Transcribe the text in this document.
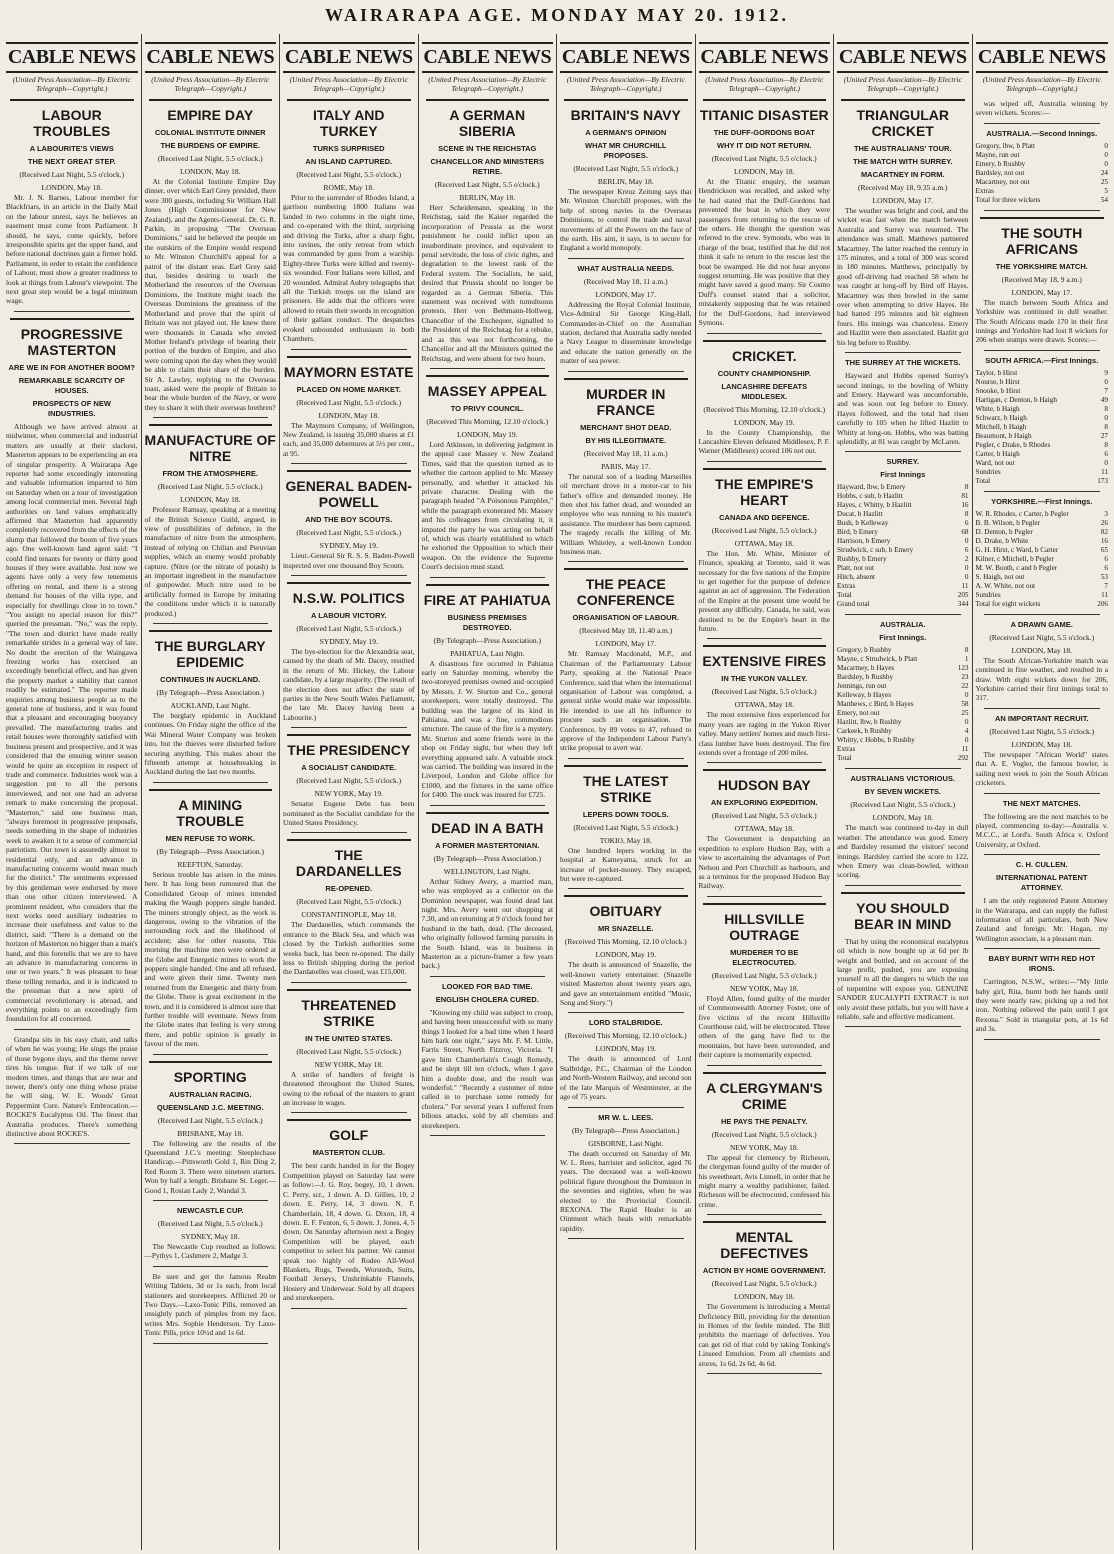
WAIRARAPA AGE. MONDAY MAY 20. 1912.
CABLE NEWS
(United Press Association—By Electric Telegraph—Copyright.)
LABOUR TROUBLES
A LABOURITE'S VIEWS
THE NEXT GREAT STEP.
(Received Last Night, 5.5 o'clock.)
LONDON, May 18.

Mr. J. N. Barnes, Labour member for Blackfriars, in an article in the Daily Mail on the labour unrest, says he believes an easement must come from Parliament. It should, he says, come quickly, before irresponsible spirits get the upper hand, and before national doctrines gain a firmer hold. Parliament, in order to retain the confidence of Labour, must show a greater readiness to look at things from Labour's viewpoint. The next great step would be a legal minimum wage.

PROGRESSIVE MASTERTON
ARE WE IN FOR ANOTHER BOOM?
REMARKABLE SCARCITY OF HOUSES.
PROSPECTS OF NEW INDUSTRIES.

Although we have arrived almost at midwinter, when commercial and industrial matters are usually at their slackest, Masterton appears to be experiencing an era of singular prosperity. A Wairarapa Age reporter had some exceedingly interesting and valuable information imparted to him on Saturday when on a tour of investigation among local commercial men. Several high authorities on land values emphatically affirmed that Masterton had apparently completely recovered from the effects of the slump that followed the boom of five years ago. One well-known land agent said: "I could find tenants for twenty or thirty good houses if they were available. Just now we agents have only a very few tenements offering on rental, and there is a strong demand for houses of the villa type, and especially for dwellings close in to town." "You assign no special reason for this?" queried the pressman. "No," was the reply. "The town and district have made really remarkable strides in a general way of late. No doubt the erection of the Waingawa freezing works has exercised an exceedingly beneficial effect, and has given the property market a stability that cannot readily be estimated." The reporter made enquiries among business people as to the general tone of business, and it was found that a pleasant and encouraging buoyancy prevailed. The manufacturing trades and retail houses were thoroughly satisfied with business present and prospective, and it was considered that the ensuing winter season would be quite an exception in respect of trade and commerce. Industries week was a suggestion put to all the persons interviewed, and not one had an adverse remark to make concerning the proposal. "Masterton," said one business man, "always foremost in progressive proposals, needs something in the shape of industries week to awaken it to a sense of commercial patriotism. Our town is assuredly almost to residential only, and an advance in manufacturing concerns would mean much for the district." The sentiments expressed by this gentleman were endorsed by more than one other citizen interviewed. A prominent resident, who considers that the next works need auxiliary industries to increase their usefulness and value to the district, said: "There is a demand on the horizon of Masterton no bigger than a man's hand, and this foretells that we are to have an advance in manufacturing concerns in one or two years." It was pleasant to hear these telling remarks, and it is indicated to the pressman that a new spirit of commercial revolutionary is abroad, and everything points to an exceedingly firm foundation for all concerned.

Grandpa sits in his easy chair, and talks of when he was young; He sings the praise of those bygone days, and the theme never tires his tongue. But if we talk of our modern times, and things that are near and newer, there's only one thing whose praise he will sing, W. E. Woods' Great Peppermint Cure. Nature's Embrocation.—ROCKE'S Eucalyptus Oil. The finest that Australia produces. There's something distinctive about ROCKE'S.

CABLE NEWS
(United Press Association—By Electric Telegraph—Copyright.)
EMPIRE DAY
COLONIAL INSTITUTE DINNER
THE BURDENS OF EMPIRE.
(Received Last Night, 5.5 o'clock.)
LONDON, May 18.

At the Colonial Institute Empire Day dinner, over which Earl Grey presided, there were 300 guests, including Sir William Hall Jones (High Commissioner for New Zealand), and the Agents-General. Dr. G. R. Parkin, in proposing "The Overseas Dominions," said he believed the people on the outskirts of the Empire would respond to Mr. Winston Churchill's appeal for a patrol of the distant seas. Earl Grey said that, besides desiring to teach the Motherland the resources of the Overseas Dominions, the Institute might teach the Overseas Dominions the greatness of the Motherland and prove that the spirit of Britain was not played out. He knew there were thousands in Canada who envied Mother Ireland's privilege of bearing their portion of the burden of Empire, and also were coming upon the day when they would be able to claim their share of the burden. Sir A. Lawley, replying to the Overseas toast, asked were the people of Britain to bear the whole burden of the Navy, or were they to share it with their overseas brethren?

MANUFACTURE OF NITRE
FROM THE ATMOSPHERE.
(Received Last Night, 5.5 o'clock.)
LONDON, May 18.

Professor Ramsay, speaking at a meeting of the British Science Guild, argued, in view of possibilities of defence, in the manufacture of nitre from the atmosphere, instead of relying on Chilian and Peruvian supplies, which an enemy would probably capture. (Nitre (or the nitrate of potash) is an important ingredient in the manufacture of gunpowder. Much nitre used to be artificially formed in Europe by imitating the conditions under which it is naturally produced.)

THE BURGLARY EPIDEMIC
CONTINUES IN AUCKLAND.
(By Telegraph—Press Association.)
AUCKLAND, Last Night.

The burglary epidemic in Auckland continues. On Friday night the office of the Wai Mineral Water Company was broken into, but the thieves were disturbed before securing anything. This makes about the fifteenth attempt at housebreaking in Auckland during the last two months.

A MINING TROUBLE
MEN REFUSE TO WORK.
(By Telegraph—Press Association.)
REEFTON, Saturday.

Serious trouble has arisen in the mines here. It has long been rumoured that the Consolidated Group of mines intended making the Waugh poppers single handed. The miners strongly object, as the work is dangerous, owing to the vibration of the surrounding rock and the likelihood of accident; also for other reasons. This morning the machine men were ordered at the Globe and Energetic mines to work the poppers single handed. One and all refused, and were given their time. Twenty men returned from the Energetic and thirty from the Globe. There is great excitement in the town, and it is considered is almost sure that further trouble will eventuate. News from the Globe states that feeling is very strong there, and public opinion is greatly in favour of the men.

SPORTING
AUSTRALIAN RACING.
QUEENSLAND J.C. MEETING.
(Received Last Night, 5.5 o'clock.)
BRISBANE, May 18.

The following are the results of the Queensland J.C.'s meeting: Steeplechase Handicap.—Pittsworth Gold 1, Rin Ding 2, Red Room 3. There were nineteen starters. Won by half a length. Brisbane St. Leger.—Good 1, Rosian Lady 2, Wandal 3.

NEWCASTLE CUP.
(Received Last Night, 5.5 o'clock.)
SYDNEY, May 18.

The Newcastle Cup resulted as follows:—Pythys 1, Cashmere 2, Madge 3.

Be sure and get the famous Realm Writing Tablets, 3d or 1s each, from local stationers and storekeepers. Afflicted 20 or Two Days.—Laxo-Tonic Pills, removed an unsightly patch of pimples from my face, writes Mrs. Sophie Henderson. Try Laxo-Tonic Pills, price 10½d and 1s 6d.

CABLE NEWS
(United Press Association—By Electric Telegraph—Copyright.)
ITALY AND TURKEY
TURKS SURPRISED
AN ISLAND CAPTURED.
(Received Last Night, 5.5 o'clock.)
ROME, May 18.

Prior to the surrender of Rhodes Island, a garrison numbering 1800 Italians was landed in two columns in the night time, and co-operated with the third, surprising and driving the Turks, after a sharp fight, into ravines, the only retreat from which was commanded by guns from a warship. Eighty-three Turks were killed and twenty-six wounded. Four Italians were killed, and 20 wounded. Admiral Aubry telegraphs that all the Turkish troops on the island are prisoners. He adds that the officers were allowed to retain their swords in recognition of their gallant conduct. The despatches evoked unbounded enthusiasm in both Chambers.

MAYMORN ESTATE
PLACED ON HOME MARKET.
(Received Last Night, 5.5 o'clock.)
LONDON, May 18.

The Maymorn Company, of Wellington, New Zealand, is issuing 35,000 shares at £1 each, and 35,000 debentures at 5½ per cent., at 95.

GENERAL BADEN-POWELL
AND THE BOY SCOUTS.
(Received Last Night, 5.5 o'clock.)
SYDNEY, May 19.

Lieut.-General Sir R. S. S. Baden-Powell inspected over one thousand Boy Scouts.

N.S.W. POLITICS
A LABOUR VICTORY.
(Received Last Night, 5.5 o'clock.)
SYDNEY, May 19.

The bye-election for the Alexandria seat, caused by the death of Mr. Dacey, resulted in the return of Mr. Hickey, the Labour candidate, by a large majority. (The result of the election does not affect the state of parties in the New South Wales Parliament, the late Mr. Dacey having been a Labourite.)

THE PRESIDENCY
A SOCIALIST CANDIDATE.
(Received Last Night, 5.5 o'clock.)
NEW YORK, May 19.

Senator Eugene Debs has been nominated as the Socialist candidate for the United States Presidency.

THE DARDANELLES
RE-OPENED.
(Received Last Night, 5.5 o'clock.)
CONSTANTINOPLE, May 18.

The Dardanelles, which commands the entrance to the Black Sea, and which was closed by the Turkish authorities some weeks back, has been re-opened. The daily loss to British shipping during the period the Dardanelles was closed, was £15,000.

THREATENED STRIKE
IN THE UNITED STATES.
(Received Last Night, 5.5 o'clock.)
NEW YORK, May 18.

A strike of handlers of freight is threatened throughout the United States, owing to the refusal of the masters to grant an increase in wages.

GOLF
MASTERTON CLUB.

The best cards handed in for the Bogey Competition played on Saturday last were as follow:—J. G. Roy, bogey, 10, 1 down. C. Perry, scr., 1 down. A. D. Gillies, 10, 2 down. E. Perry, 14, 3 down. N. F. Chamberlain, 18, 4 down. G. Dixon, 18, 4 down. E. F. Fenton, 6, 5 down. J. Jones, 4, 5 down. On Saturday afternoon next a Bogey Competition will be played, each competitor to select his partner. We cannot speak too highly of Rodeo All-Wool Blankets, Rugs, Tweeds, Worsteds, Suits, Football Jerseys, Unshrinkable Flannels, Hosiery and Underwear. Sold by all drapers and storekeepers.

CABLE NEWS
(United Press Association—By Electric Telegraph—Copyright.)
A GERMAN SIBERIA
SCENE IN THE REICHSTAG
CHANCELLOR AND MINISTERS RETIRE.
(Received Last Night, 5.5 o'clock.)
BERLIN, May 18.

Herr Scheidemann, speaking in the Reichstag, said the Kaiser regarded the incorporation of Prussia as the worst punishment he could inflict upon an insubordinate province, and equivalent to penal servitude, the loss of civic rights, and degradation to the lowest rank of the Federal system. The Socialists, he said, desired that Prussia should no longer be regarded as a German Siberia. This statement was received with tumultuous protests. Herr von Bethmann-Hollweg, Chancellor of the Exchequer, signalled to the President of the Reichstag for a rebuke, and as this was not forthcoming, the Chancellor and all the Ministers quitted the Reichstag, and were absent for two hours.

MASSEY APPEAL
TO PRIVY COUNCIL.
(Received This Morning, 12.10 o'clock.)
LONDON, May 19.

Lord Atkinson, in delivering judgment in the appeal case Massey v. New Zealand Times, said that the question turned as to whether the cartoon applied to Mr. Massey personally, and whether it attacked his private character. Dealing with the paragraph headed "A Poisonous Pamphlet," while the paragraph exonerated Mr. Massey and his colleagues from circulating it, it imputed the party he was acting on behalf of, which was clearly established to which he exhorted the Opposition to which their weapon. On the evidence the Supreme Court's decision must stand.

FIRE AT PAHIATUA
BUSINESS PREMISES DESTROYED.
(By Telegraph—Press Association.)
PAHIATUA, Last Night.

A disastrous fire occurred in Pahiatua early on Saturday morning, whereby the two-storeyed premises owned and occupied by Messrs. J. W. Sturton and Co., general storekeepers, were totally destroyed. The building was the largest of its kind in Pahiatua, and was a fine, commodious structure. The cause of the fire is a mystery. Mr. Sturton and some friends were in the shop on Friday night, but when they left everything appeared safe. A valuable stock was carried. The building was insured in the Liverpool, London and Globe office for £1000, and the fixtures in the same office for £400. The stock was insured for £725.

DEAD IN A BATH
A FORMER MASTERTONIAN.
(By Telegraph—Press Association.)
WELLINGTON, Last Night.

Arthur Sidney Avery, a married man, who was employed as a collector on the Dominion newspaper, was found dead last night. Mrs. Avery went out shopping at 7.30, and on returning at 9 o'clock found her husband in the bath, dead. (The deceased, who originally followed farming pursuits in the South Island, was in business in Masterton as a picture-framer a few years back.)

LOOKED FOR BAD TIME.
ENGLISH CHOLERA CURED.

"Knowing my child was subject to croup, and having been unsuccessful with so many things I looked for a bad time when I heard him bark one night," says Mr. F. M. Little, Farris Street, North Fitzroy, Victoria. "I gave him Chamberlain's Cough Remedy, and he slept till ten o'clock, when I gave him a double dose, and the result was wonderful." "Recently a customer of mine called in to purchase some remedy for cholera." For several years I suffered from bilious attacks, sold by all chemists and storekeepers.

CABLE NEWS
(United Press Association—By Electric Telegraph—Copyright.)
BRITAIN'S NAVY
A GERMAN'S OPINION
WHAT MR CHURCHILL PROPOSES.
(Received Last Night, 5.5 o'clock.)
BERLIN, May 18.

The newspaper Kreuz Zeitung says that Mr. Winston Churchill proposes, with the help of strong navies in the Overseas Dominions, to control the trade and naval movements of all the Powers on the face of the earth. His aim, it says, is to secure for England a world monopoly.

WHAT AUSTRALIA NEEDS.
(Received May 18, 11 a.m.)
LONDON, May 17.

Addressing the Royal Colonial Institute, Vice-Admiral Sir George King-Hall, Commander-in-Chief on the Australian station, declared that Australia sadly needed a Navy League to disseminate knowledge and educate the nation generally on the matter of sea power.

MURDER IN FRANCE
MERCHANT SHOT DEAD.
BY HIS ILLEGITIMATE.
(Received May 18, 11 a.m.)
PARIS, May 17.

The natural son of a leading Marseilles oil merchant drove in a motor-car to his father's office and demanded money. He then shot his father dead, and wounded an employee who was running to his master's assistance. The murderer has been captured. The tragedy recalls the killing of Mr. William Whiteley, a well-known London business man.

THE PEACE CONFERENCE
ORGANISATION OF LABOUR.
(Received May 18, 11.40 a.m.)
LONDON, May 17.

Mr. Ramsay Macdonald, M.P., and Chairman of the Parliamentary Labour Party, speaking at the National Peace Conference, said that when the international organisation of Labour was completed, a general strike would make war impossible. He intended to use all his influence to procure such an organisation. The Conference, by 89 votes to 47, refused to approve of the Independent Labour Party's strike proposal to avert war.

THE LATEST STRIKE
LEPERS DOWN TOOLS.
(Received Last Night, 5.5 o'clock.)
TOKIO, May 18.

One hundred lepers working in the hospital at Kameyama, struck for an increase of pocket-money. They escaped, but were re-captured.

OBITUARY
MR SNAZELLE.
(Received This Morning, 12.10 o'clock.)
LONDON, May 19.

The death is announced of Snazelle, the well-known variety entertainer. (Snazelle visited Masterton about twenty years ago, and gave an entertainment entitled "Music, Song and Story.")

LORD STALBRIDGE.
(Received This Morning, 12.10 o'clock.)
LONDON, May 19.

The death is announced of Lord Stalbridge, P.C., Chairman of the London and North-Western Railway, and second son of the late Marquis of Westminster, at the age of 75 years.

MR W. L. LEES.
(By Telegraph—Press Association.)
GISBORNE, Last Night.

The death occurred on Saturday of Mr. W. L. Rees, barrister and solicitor, aged 76 years. The deceased was a well-known political figure throughout the Dominion in the seventies and eighties, when he was elected to the Provincial Council. REXONA. The Rapid Healer is an Ointment which heals with remarkable rapidity.

CABLE NEWS
(United Press Association—By Electric Telegraph—Copyright.)
TITANIC DISASTER
THE DUFF-GORDONS BOAT
WHY IT DID NOT RETURN.
(Received Last Night, 5.5 o'clock.)
LONDON, May 18.

At the Titanic enquiry, the seaman Hendrickson was recalled, and asked why he had stated that the Duff-Gordons had prevented the boat in which they were passengers from returning to the rescue of the others. He thought the question was referred to the crew. Symonds, who was in charge of the boat, testified that he did not think it safe to return to the rescue lest the boat be swamped. He did not hear anyone suggest returning. He was positive that they might have saved a good many. Sir Cosmo Duff's counsel stated that a solicitor, mistakenly supposing that he was retained for the Duff-Gordons, had interviewed Symons.

CRICKET.
COUNTY CHAMPIONSHIP.
LANCASHIRE DEFEATS MIDDLESEX.
(Received This Morning, 12.10 o'clock.)
LONDON, May 19.

In the County Championship, the Lancashire Eleven defeated Middlesex, P. F. Warner (Middlesex) scored 106 not out.

THE EMPIRE'S HEART
CANADA AND DEFENCE.
(Received Last Night, 5.5 o'clock.)
OTTAWA, May 18.

The Hon. Mr. White, Minister of Finance, speaking at Toronto, said it was necessary for the five nations of the Empire to get together for the purpose of defence against an act of aggression. The Federation of the Empire at the present time would be present any difficulty. Canada, he said, was destined to be the Empire's heart in the future.

EXTENSIVE FIRES
IN THE YUKON VALLEY.
(Received Last Night, 5.5 o'clock.)
OTTAWA, May 18.

The most extensive fires experienced for many years are raging in the Yukon River valley. Many settlers' homes and much first-class lumber have been destroyed. The fire extends over a frontage of 200 miles.

HUDSON BAY
AN EXPLORING EXPEDITION.
(Received Last Night, 5.5 o'clock.)
OTTAWA, May 18.

The Government is despatching an expedition to explore Hudson Bay, with a view to ascertaining the advantages of Port Nelson and Port Churchill as harbours, and as a terminus for the proposed Hudson Bay Railway.

HILLSVILLE OUTRAGE
MURDERER TO BE ELECTROCUTED.
(Received Last Night, 5.5 o'clock.)
NEW YORK, May 18.

Floyd Allen, found guilty of the murder of Commonwealth Attorney Foster, one of five victims of the recent Hillsville Courthouse raid, will be electrocuted. Three others of the gang have fled to the mountains, but have been surrounded, and their capture is momentarily expected.

A CLERGYMAN'S CRIME
HE PAYS THE PENALTY.
(Received Last Night, 5.5 o'clock.)
NEW YORK, May 18.

The appeal for clemency by Richeson, the clergyman found guilty of the murder of his sweetheart, Avis Linnell, in order that he might marry a wealthy parishioner, failed. Richeson will be electrocuted, confessed his crime.

MENTAL DEFECTIVES
ACTION BY HOME GOVERNMENT.
(Received Last Night, 5.5 o'clock.)
LONDON, May 18.

The Government is introducing a Mental Deficiency Bill, providing for the detention in Homes of the feeble minded. The Bill prohibits the marriage of defectives. You can get rid of that cold by taking Tonking's Linseed Emulsion. From all chemists and stores, 1s 6d, 2s 6d, 4s 6d.

CABLE NEWS
(United Press Association—By Electric Telegraph—Copyright.)
TRIANGULAR CRICKET
THE AUSTRALIANS' TOUR.
THE MATCH WITH SURREY.
MACARTNEY IN FORM.
(Received May 18, 9.35 a.m.)
LONDON, May 17.

The weather was bright and cool, and the wicket was fast when the match between Australia and Surrey was resumed. The attendance was small. Matthews partnered Macartney. The latter reached the century in 175 minutes, and a total of 300 was scored in 180 minutes. Matthews, principally by good off-driving had reached 58 when he was caught at long-off by Bird off Hayes. Macartney was then bowled in the same over when attempting to drive Hayes. He had batted 195 minutes and hit eighteen fours. His innings was chanceless. Emery and Hazlitt were then associated. Hazlitt got his leg before to Rushby.

THE SURREY AT THE WICKETS.

Hayward and Hobbs opened Surrey's second innings, to the bowling of Whitty and Emery. Hayward was uncomfortable, and was soon out leg before to Emery. Hayes followed, and the total had risen carefully to 105 when he lifted Hazlitt to Whitty at long-on. Hobbs, who was batting splendidly, at 81 was caught by McLaren.

SURREY.
First Innings
Hayward, lbw, b Emery	8
Hobbs, c sub, b Hazlitt	81
Hayes, c Whitty, b Hazlitt	16
Ducat, b Hazlitt	8
Bush, b Kelleway	6
Bird, b Emery	68
Harrison, b Emery	0
Strudwick, c sub, b Emery	6
Rushby, b Emery	2
Platt, not out	0
Hitch, absent	0
Extras	11
Total	205
Grand total	344
AUSTRALIA.
First Innings.
Gregory, b Rushby	8
Mayne, c Strudwick, b Platt	1
Macartney, b Hayes	123
Bardsley, b Rushby	23
Jennings, run out	22
Kelleway, b Hayes	0
Matthews, c Bird, b Hayes	58
Emery, not out	25
Hazlitt, lbw, b Rushby	0
Carkeek, b Rushby	4
Whitty, c Hobbs, b Rushby	0
Extras	11
Total	292
AUSTRALIANS VICTORIOUS.
BY SEVEN WICKETS.
(Received Last Night, 5.5 o'clock.)
LONDON, May 18.

The match was continued to-day in dull weather. The attendance was good. Emery and Bardsley resumed the visitors' second innings. Bardsley carried the score to 122, when Emery was clean-bowled, without scoring.

YOU SHOULD BEAR IN MIND

That by using the economical eucalyptus oil which is now bought up at 6d per lb weight and bottled, and on account of the large profit, pushed, you are exposing yourself to all the dangers to which the use of turpentine will expose you. GENUINE SANDER EUCALYPTI EXTRACT is not only avoid these pitfalls, but you will have a reliable, safe and effective medicament.

CABLE NEWS
(United Press Association—By Electric Telegraph—Copyright.)

was wiped off, Australia winning by seven wickets. Scores:—

AUSTRALIA.—Second Innings.
Gregory, lbw, b Platt	0
Mayne, run out	0
Emery, b Rushby	0
Bardsley, not out	24
Macartney, not out	25
Extras	5
Total for three wickets	54
THE SOUTH AFRICANS
THE YORKSHIRE MATCH.
(Received May 18, 9 a.m.)
LONDON, May 17.

The match between South Africa and Yorkshire was continued in dull weather. The South Africans made 170 in their first innings and Yorkshire had lost 8 wickets for 206 when stumps were drawn. Scores:—

SOUTH AFRICA.—First Innings.
Taylor, b Hirst	9
Nourse, b Hirst	0
Snooke, b Hirst	7
Hartigan, c Denton, b Haigh	49
White, b Haigh	8
Schwarz, b Haigh	0
Mitchell, b Haigh	8
Beaumont, b Haigh	27
Pegler, c Drake, b Rhodes	8
Carter, b Haigh	6
Ward, not out	0
Sundries	11
Total	173
YORKSHIRE.—First Innings.
W. R. Rhodes, c Carter, b Pegler	3
B. B. Wilson, b Pegler	26
D. Denton, b Pegler	82
D. Drake, b White	16
G. H. Hirst, c Ward, b Carter	65
Kilner, c Mitchell, b Pegler	6
M. W. Booth, c and b Pegler	6
S. Haigh, not out	53
A. W. White, not out	7
Sundries	11
Total for eight wickets	206
A DRAWN GAME.
(Received Last Night, 5.5 o'clock.)
LONDON, May 18.

The South African-Yorkshire match was continued in fine weather, and resulted in a draw. With eight wickets down for 206, Yorkshire carried their first innings total to 317.

AN IMPORTANT RECRUIT.
(Received Last Night, 5.5 o'clock.)
LONDON, May 18.

The newspaper "African World" states that A. E. Vogler, the famous bowler, is sailing next week to join the South African cricketers.

THE NEXT MATCHES.

The following are the next matches to be played, commencing to-day:—Australia v. M.C.C., at Lord's. South Africa v. Oxford University, at Oxford.

C. H. CULLEN.
INTERNATIONAL PATENT ATTORNEY.

I am the only registered Patent Attorney in the Wairarapa, and can supply the fullest information of all particulars, both New Zealand and foreign. Mr. Hogan, my Wellington associate, is a pleasant man.

BABY BURNT WITH RED HOT IRONS.

Carrington, N.S.W., writes:—"My little baby girl, Rita, burnt both her hands until they were nearly raw, picking up a red hot iron. Nothing relieved the pain until I got Rexona." Sold in triangular pots, at 1s 6d and 3s.
